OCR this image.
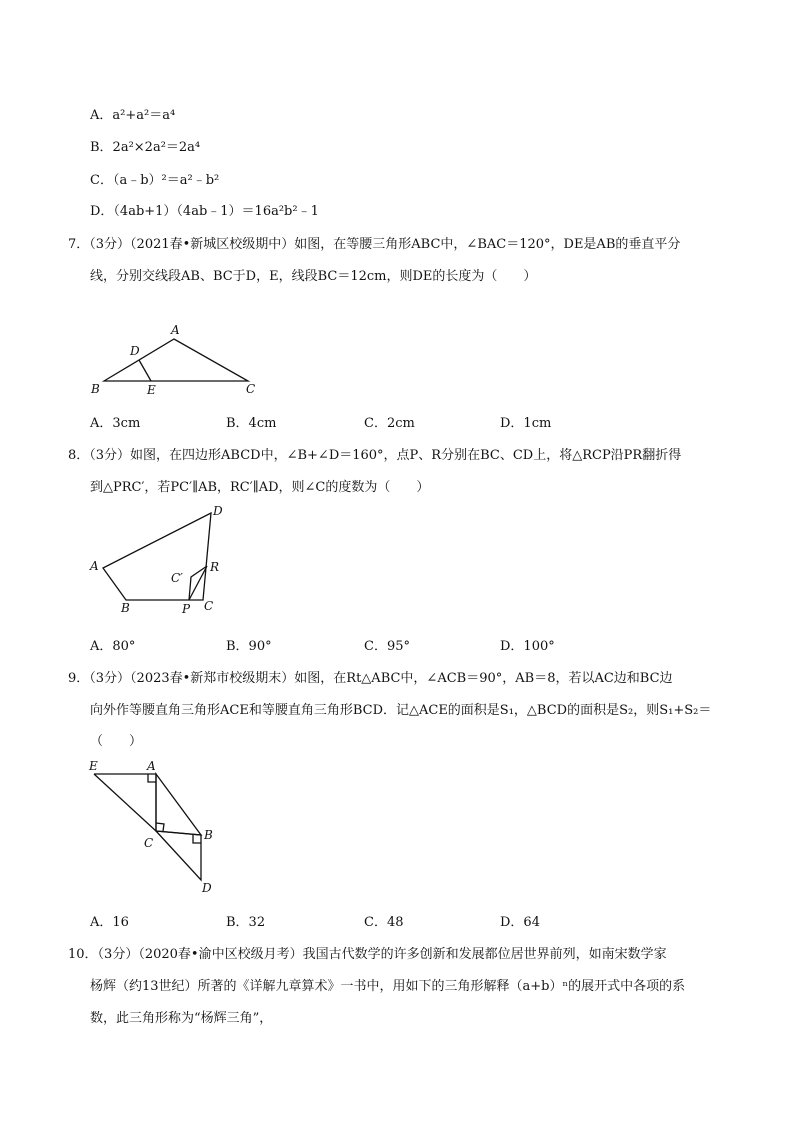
A．a²+a²＝a⁴
B．2a²×2a²＝2a⁴
C．（a﹣b）²＝a²﹣b²
D．（4ab+1）（4ab﹣1）＝16a²b²﹣1
7．（3分）（2021春•新城区校级期中）如图，在等腰三角形ABC中，∠BAC＝120°，DE是AB的垂直平分
线，分别交线段AB、BC于D，E，线段BC＝12cm，则DE的长度为（　　）
A
B	C
D
E
A．3cm	B．4cm	C．2cm	D．1cm
8．（3分）如图，在四边形ABCD中，∠B+∠D＝160°，点P、R分别在BC、CD上，将△RCP沿PR翻折得
到△PRC′，若PC′∥AB，RC′∥AD，则∠C的度数为（　　）
A
B	C
D
P
R
C′
A．80°	B．90°	C．95°	D．100°
9．（3分）（2023春•新郑市校级期末）如图，在Rt△ABC中，∠ACB＝90°，AB＝8，若以AC边和BC边
向外作等腰直角三角形ACE和等腰直角三角形BCD．记△ACE的面积是S₁，△BCD的面积是S₂，则S₁+S₂＝
（　　）
A
B
C
D
E
A．16	B．32	C．48	D．64
10．（3分）（2020春•渝中区校级月考）我国古代数学的许多创新和发展都位居世界前列，如南宋数学家
杨辉（约13世纪）所著的《详解九章算术》一书中，用如下的三角形解释（a+b）ⁿ的展开式中各项的系
数，此三角形称为“杨辉三角”，
